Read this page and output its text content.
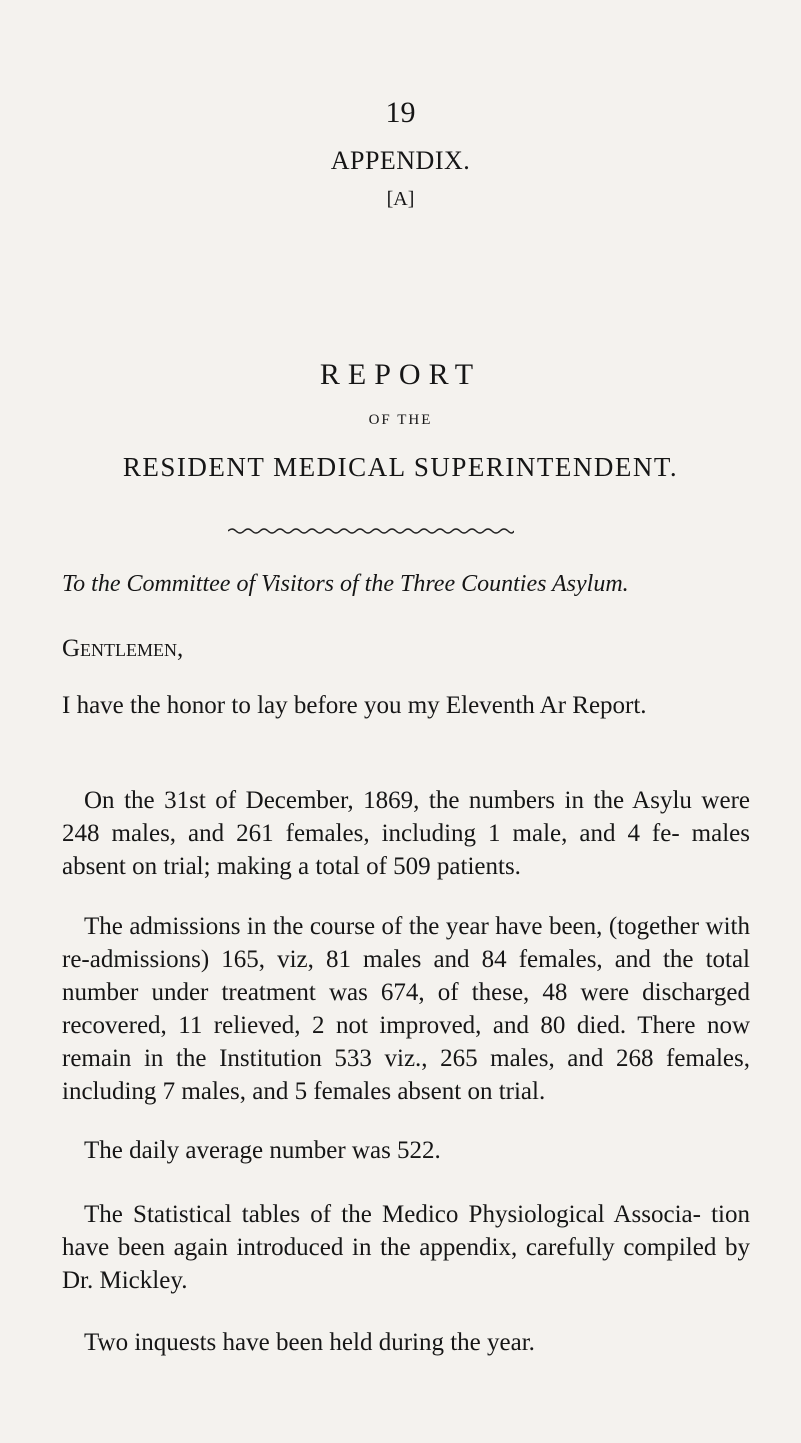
19
APPENDIX.
[A]
REPORT
OF THE
RESIDENT MEDICAL SUPERINTENDENT.
To the Committee of Visitors of the Three Counties Asylum.
Gentlemen,
I have the honor to lay before you my Eleventh Ar Report.
On the 31st of December, 1869, the numbers in the Asylu were 248 males, and 261 females, including 1 male, and 4 fe- males absent on trial; making a total of 509 patients.
The admissions in the course of the year have been, (together with re-admissions) 165, viz, 81 males and 84 females, and the total number under treatment was 674, of these, 48 were discharged recovered, 11 relieved, 2 not improved, and 80 died. There now remain in the Institution 533 viz., 265 males, and 268 females, including 7 males, and 5 females absent on trial.
The daily average number was 522.
The Statistical tables of the Medico Physiological Associa- tion have been again introduced in the appendix, carefully compiled by Dr. Mickley.
Two inquests have been held during the year.
